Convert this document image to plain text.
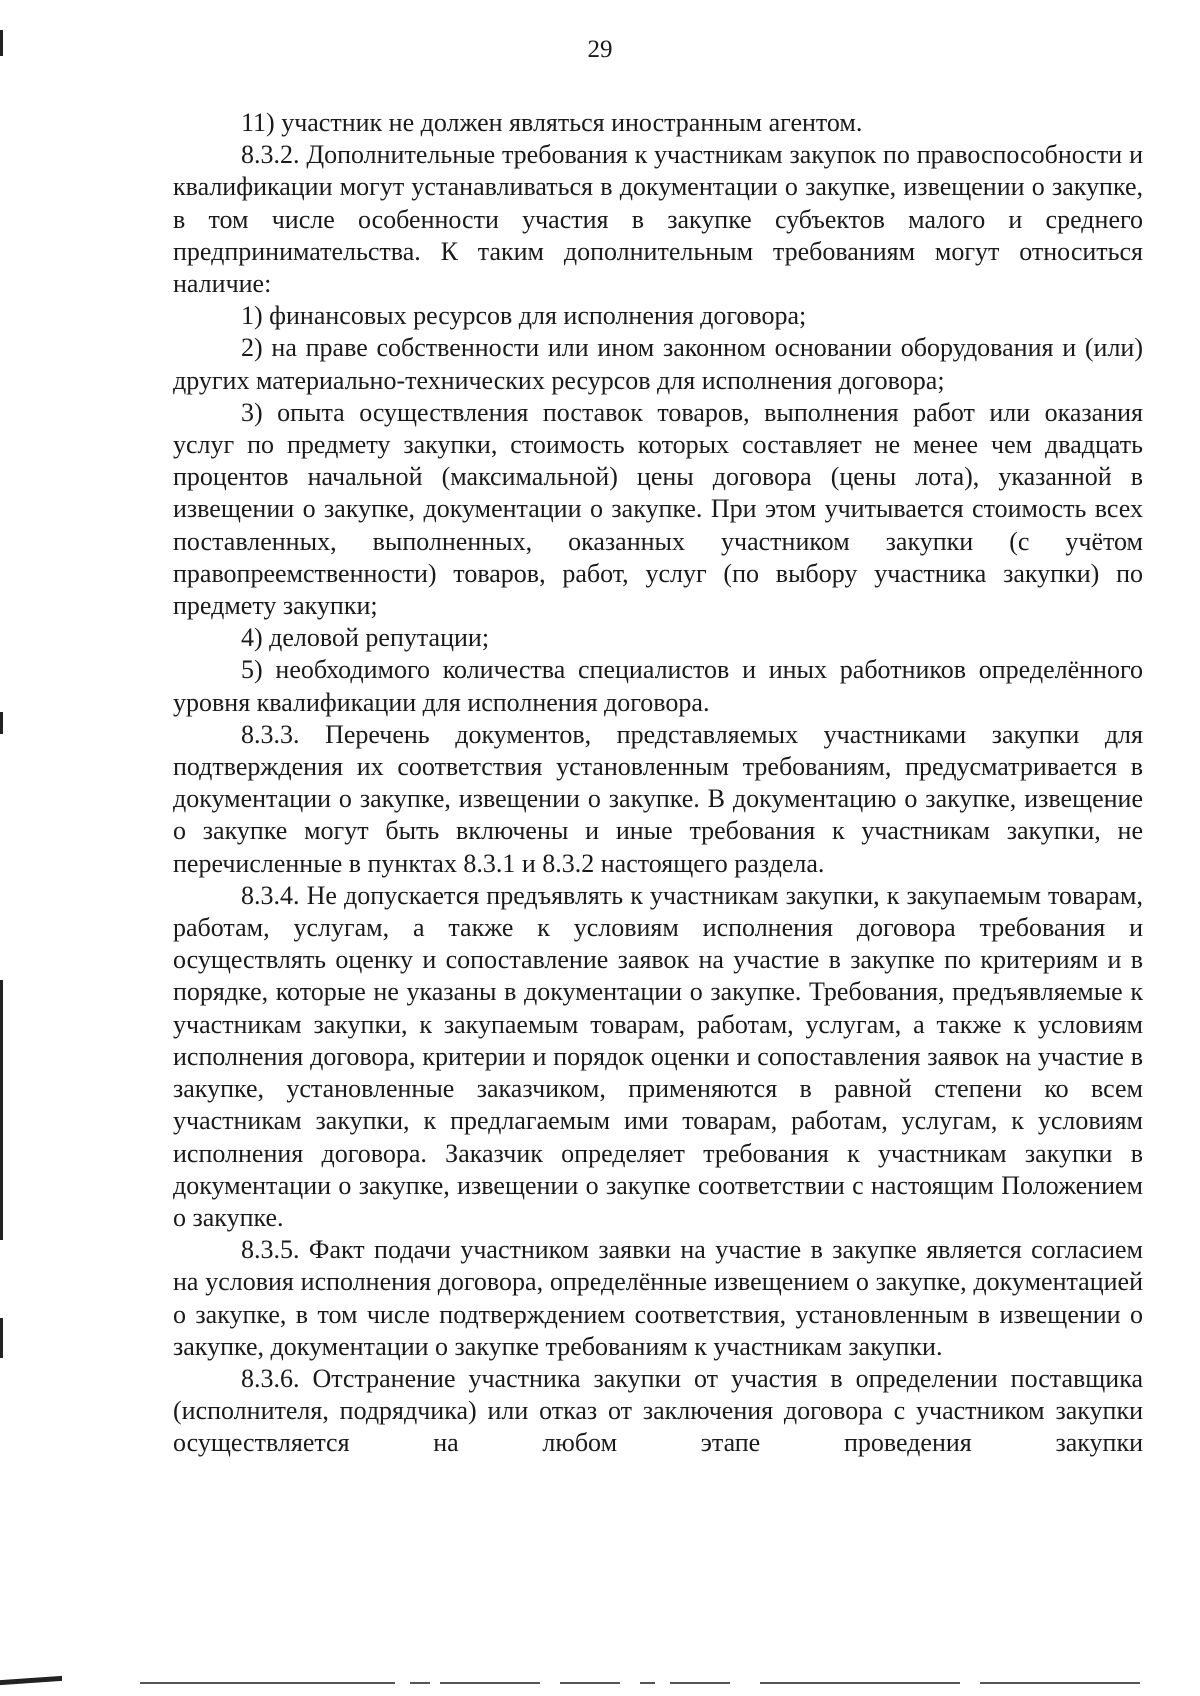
29

11) участник не должен являться иностранным агентом.

8.3.2. Дополнительные требования к участникам закупок по правоспособности и квалификации могут устанавливаться в документации о закупке, извещении о закупке, в том числе особенности участия в закупке субъектов малого и среднего предпринимательства. К таким дополнительным требованиям могут относиться наличие:

1) финансовых ресурсов для исполнения договора;

2) на праве собственности или ином законном основании оборудования и (или) других материально-технических ресурсов для исполнения договора;

3) опыта осуществления поставок товаров, выполнения работ или оказания услуг по предмету закупки, стоимость которых составляет не менее чем двадцать процентов начальной (максимальной) цены договора (цены лота), указанной в извещении о закупке, документации о закупке. При этом учитывается стоимость всех поставленных, выполненных, оказанных участником закупки (с учётом правопреемственности) товаров, работ, услуг (по выбору участника закупки) по предмету закупки;

4) деловой репутации;

5) необходимого количества специалистов и иных работников определённого уровня квалификации для исполнения договора.

8.3.3. Перечень документов, представляемых участниками закупки для подтверждения их соответствия установленным требованиям, предусматривается в документации о закупке, извещении о закупке. В документацию о закупке, извещение о закупке могут быть включены и иные требования к участникам закупки, не перечисленные в пунктах 8.3.1 и 8.3.2 настоящего раздела.

8.3.4. Не допускается предъявлять к участникам закупки, к закупаемым товарам, работам, услугам, а также к условиям исполнения договора требования и осуществлять оценку и сопоставление заявок на участие в закупке по критериям и в порядке, которые не указаны в документации о закупке. Требования, предъявляемые к участникам закупки, к закупаемым товарам, работам, услугам, а также к условиям исполнения договора, критерии и порядок оценки и сопоставления заявок на участие в закупке, установленные заказчиком, применяются в равной степени ко всем участникам закупки, к предлагаемым ими товарам, работам, услугам, к условиям исполнения договора. Заказчик определяет требования к участникам закупки в документации о закупке, извещении о закупке соответствии с настоящим Положением о закупке.

8.3.5. Факт подачи участником заявки на участие в закупке является согласием на условия исполнения договора, определённые извещением о закупке, документацией о закупке, в том числе подтверждением соответствия, установленным в извещении о закупке, документации о закупке требованиям к участникам закупки.

8.3.6. Отстранение участника закупки от участия в определении поставщика (исполнителя, подрядчика) или отказ от заключения договора с участником закупки осуществляется на любом этапе проведения закупки
